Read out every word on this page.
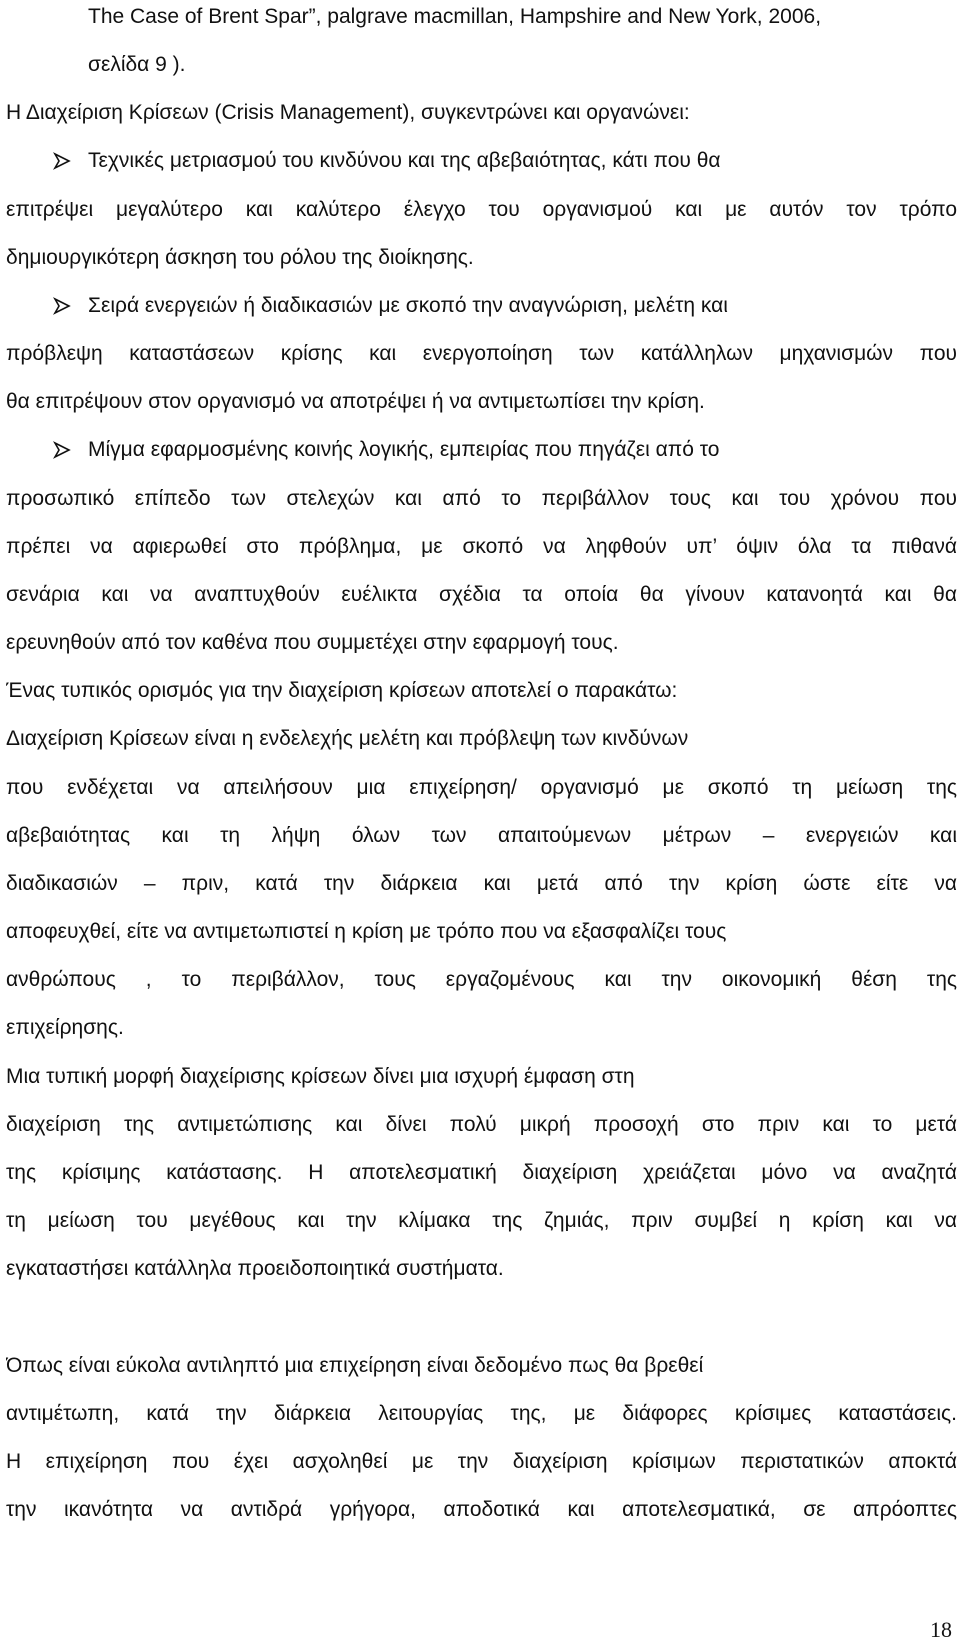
The Case of Brent Spar”, palgrave macmillan, Hampshire and New York, 2006,
σελίδα 9 ).
Η Διαχείριση Κρίσεων (Crisis Management), συγκεντρώνει και οργανώνει:
Τεχνικές μετριασμού του κινδύνου και της αβεβαιότητας, κάτι που θα
επιτρέψει μεγαλύτερο και καλύτερο έλεγχο του οργανισμού και με αυτόν τον τρόπο
δημιουργικότερη άσκηση του ρόλου της διοίκησης.
Σειρά ενεργειών ή διαδικασιών με σκοπό την αναγνώριση, μελέτη και
πρόβλεψη καταστάσεων κρίσης και ενεργοποίηση των κατάλληλων μηχανισμών που
θα επιτρέψουν στον οργανισμό να αποτρέψει ή να αντιμετωπίσει την κρίση.
Μίγμα εφαρμοσμένης κοινής λογικής, εμπειρίας που πηγάζει από το
προσωπικό επίπεδο των στελεχών και από το περιβάλλον τους και του χρόνου που
πρέπει να αφιερωθεί στο πρόβλημα, με σκοπό να ληφθούν υπ’ όψιν όλα τα πιθανά
σενάρια και να αναπτυχθούν ευέλικτα σχέδια τα οποία θα γίνουν κατανοητά και θα
ερευνηθούν από τον καθένα που συμμετέχει στην εφαρμογή τους.
Ένας τυπικός ορισμός για την διαχείριση κρίσεων αποτελεί ο παρακάτω:
Διαχείριση Κρίσεων είναι η ενδελεχής μελέτη και πρόβλεψη των κινδύνων
που ενδέχεται να απειλήσουν μια επιχείρηση/ οργανισμό με σκοπό τη μείωση της
αβεβαιότητας και τη λήψη όλων των απαιτούμενων μέτρων – ενεργειών και
διαδικασιών – πριν, κατά την διάρκεια και μετά από την κρίση ώστε είτε να
αποφευχθεί, είτε να αντιμετωπιστεί η κρίση με τρόπο που να εξασφαλίζει τους
ανθρώπους , το περιβάλλον, τους εργαζομένους και την οικονομική θέση της
επιχείρησης.
Μια τυπική μορφή διαχείρισης κρίσεων δίνει μια ισχυρή έμφαση στη
διαχείριση της αντιμετώπισης και δίνει πολύ μικρή προσοχή στο πριν και το μετά
της κρίσιμης κατάστασης. Η αποτελεσματική διαχείριση χρειάζεται μόνο να αναζητά
τη μείωση του μεγέθους και την κλίμακα της ζημιάς, πριν συμβεί η κρίση και να
εγκαταστήσει κατάλληλα προειδοποιητικά συστήματα.
Όπως είναι εύκολα αντιληπτό μια επιχείρηση είναι δεδομένο πως θα βρεθεί
αντιμέτωπη, κατά την διάρκεια λειτουργίας της, με διάφορες κρίσιμες καταστάσεις.
Η επιχείρηση που έχει ασχοληθεί με την διαχείριση κρίσιμων περιστατικών αποκτά
την ικανότητα να αντιδρά γρήγορα, αποδοτικά και αποτελεσματικά, σε απρόοπτες
18
